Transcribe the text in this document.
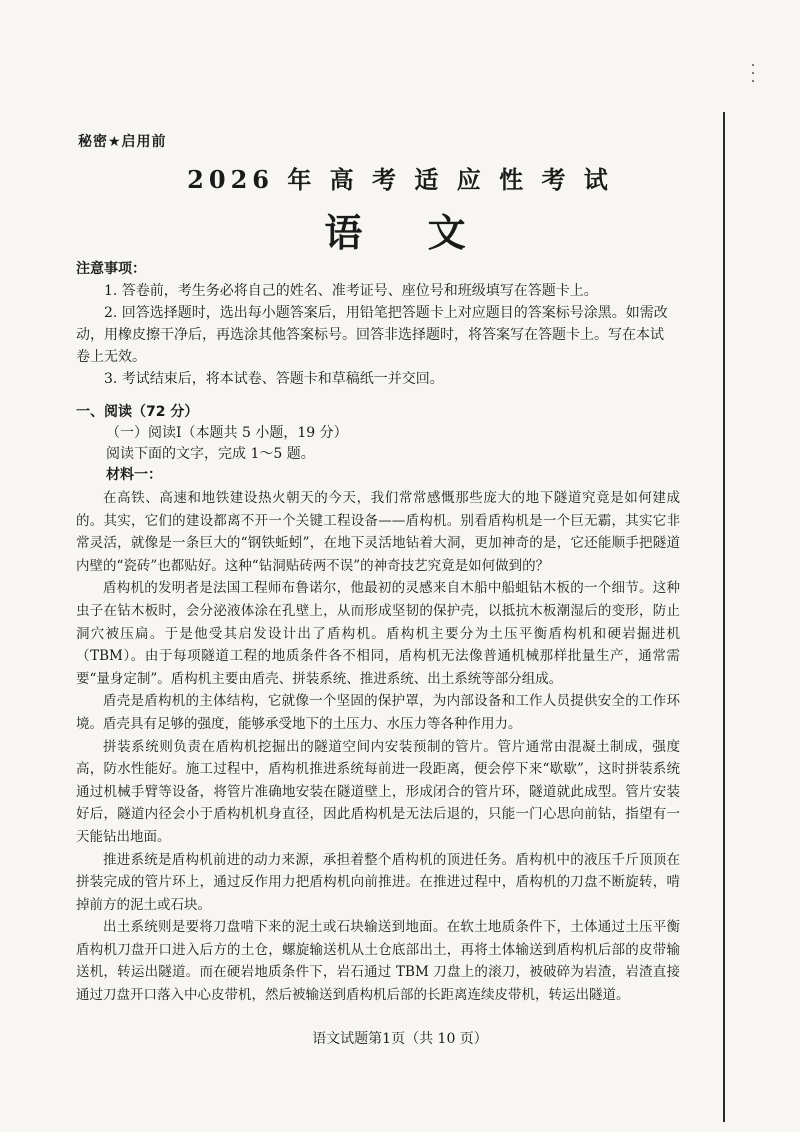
秘密★启用前
2026 年 高 考 适 应 性 考 试
语 文
注意事项：

1. 答卷前，考生务必将自己的姓名、准考证号、座位号和班级填写在答题卡上。

2. 回答选择题时，选出每小题答案后，用铅笔把答题卡上对应题目的答案标号涂黑。如需改动，用橡皮擦干净后，再选涂其他答案标号。回答非选择题时，将答案写在答题卡上。写在本试卷上无效。

3. 考试结束后，将本试卷、答题卡和草稿纸一并交回。

一、阅读（72 分）
（一）阅读Ⅰ（本题共 5 小题，19 分）
阅读下面的文字，完成 1～5 题。
材料一：

在高铁、高速和地铁建设热火朝天的今天，我们常常感慨那些庞大的地下隧道究竟是如何建成的。其实，它们的建设都离不开一个关键工程设备——盾构机。别看盾构机是一个巨无霸，其实它非常灵活，就像是一条巨大的“钢铁蚯蚓”，在地下灵活地钻着大洞，更加神奇的是，它还能顺手把隧道内壁的“瓷砖”也都贴好。这种“钻洞贴砖两不误”的神奇技艺究竟是如何做到的？

盾构机的发明者是法国工程师布鲁诺尔，他最初的灵感来自木船中船蛆钻木板的一个细节。这种虫子在钻木板时，会分泌液体涂在孔壁上，从而形成坚韧的保护壳，以抵抗木板潮湿后的变形，防止洞穴被压扁。于是他受其启发设计出了盾构机。盾构机主要分为土压平衡盾构机和硬岩掘进机（TBM）。由于每项隧道工程的地质条件各不相同，盾构机无法像普通机械那样批量生产，通常需要“量身定制”。盾构机主要由盾壳、拼装系统、推进系统、出土系统等部分组成。

盾壳是盾构机的主体结构，它就像一个坚固的保护罩，为内部设备和工作人员提供安全的工作环境。盾壳具有足够的强度，能够承受地下的土压力、水压力等各种作用力。

拼装系统则负责在盾构机挖掘出的隧道空间内安装预制的管片。管片通常由混凝土制成，强度高，防水性能好。施工过程中，盾构机推进系统每前进一段距离，便会停下来“歇歇”，这时拼装系统通过机械手臂等设备，将管片准确地安装在隧道壁上，形成闭合的管片环，隧道就此成型。管片安装好后，隧道内径会小于盾构机机身直径，因此盾构机是无法后退的，只能一门心思向前钻，指望有一天能钻出地面。

推进系统是盾构机前进的动力来源，承担着整个盾构机的顶进任务。盾构机中的液压千斤顶顶在拼装完成的管片环上，通过反作用力把盾构机向前推进。在推进过程中，盾构机的刀盘不断旋转，啃掉前方的泥土或石块。

出土系统则是要将刀盘啃下来的泥土或石块输送到地面。在软土地质条件下，土体通过土压平衡盾构机刀盘开口进入后方的土仓，螺旋输送机从土仓底部出土，再将土体输送到盾构机后部的皮带输送机，转运出隧道。而在硬岩地质条件下，岩石通过 TBM 刀盘上的滚刀，被破碎为岩渣，岩渣直接通过刀盘开口落入中心皮带机，然后被输送到盾构机后部的长距离连续皮带机，转运出隧道。

语文试题第1页（共 10 页）
